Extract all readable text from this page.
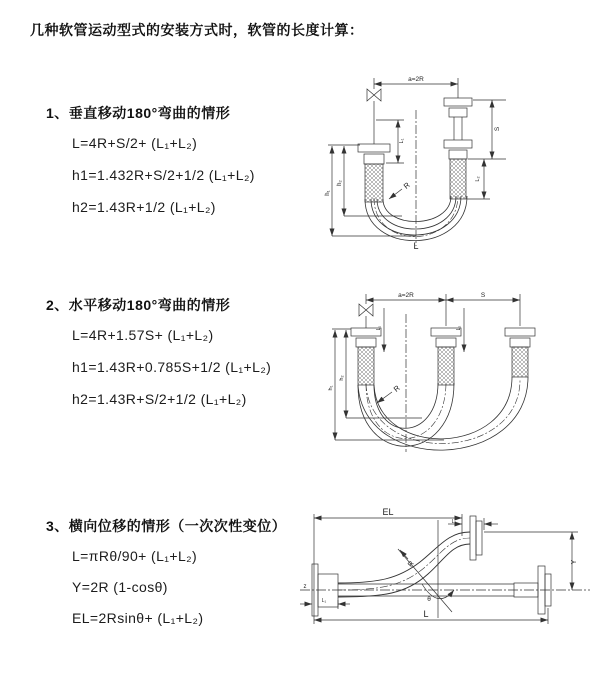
几种软管运动型式的安装方式时，软管的长度计算：
1、垂直移动180°弯曲的情形
L=4R+S/2+ (L₁+L₂)
h1=1.432R+S/2+1/2 (L₁+L₂)
h2=1.43R+1/2 (L₁+L₂)
2、水平移动180°弯曲的情形
L=4R+1.57S+ (L₁+L₂)
h1=1.43R+0.785S+1/2 (L₁+L₂)
h2=1.43R+S/2+1/2 (L₁+L₂)
3、横向位移的情形（一次次性变位）
L=πRθ/90+ (L₁+L₂)
Y=2R (1-cosθ)
EL=2Rsinθ+ (L₁+L₂)
a=2R
h₁
h₂
L₁
S
L₂
R
L
a=2R	S
h₁
h₂
L₁	L₂
R
z
EL
L₂
Y
R
θ
L
L₁
